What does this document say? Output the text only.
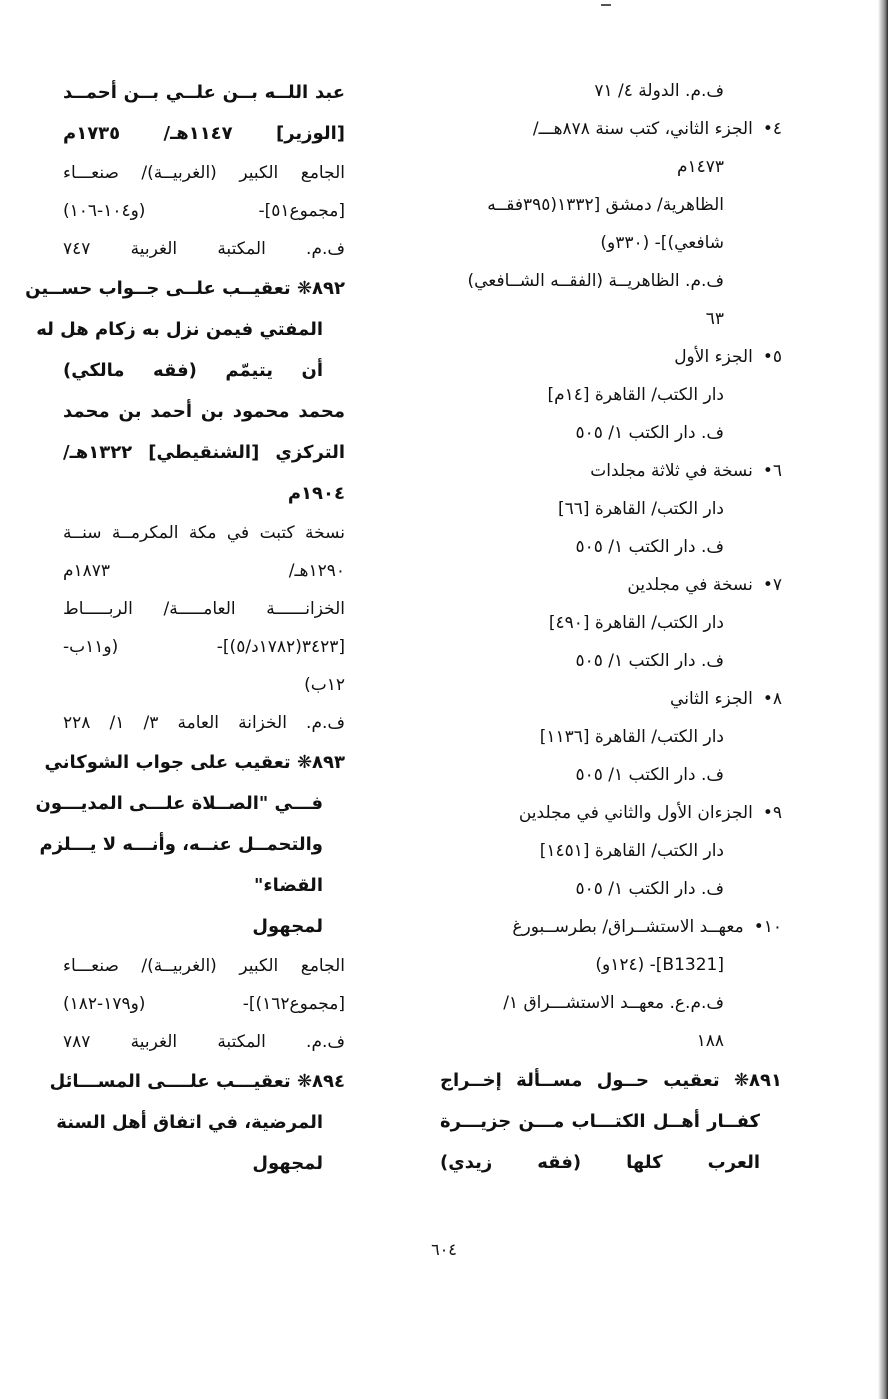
ف.م. الدولة ٤/ ٧١

٤• الجزء الثاني، كتب سنة ٨٧٨هـــ/

١٤٧٣م

الظاهرية/ دمشق [١٣٣٢(٣٩٥فقــه

شافعي)]- (٣٣٠و)

ف.م. الظاهريــة (الفقــه الشــافعي)

٦٣

٥• الجزء الأول

دار الكتب/ القاهرة [١٤م]

ف. دار الكتب ١/ ٥٠٥

٦• نسخة في ثلاثة مجلدات

دار الكتب/ القاهرة [٦٦]

ف. دار الكتب ١/ ٥٠٥

٧• نسخة في مجلدين

دار الكتب/ القاهرة [٤٩٠]

ف. دار الكتب ١/ ٥٠٥

٨• الجزء الثاني

دار الكتب/ القاهرة [١١٣٦]

ف. دار الكتب ١/ ٥٠٥

٩• الجزءان الأول والثاني في مجلدين

دار الكتب/ القاهرة [١٤٥١]

ف. دار الكتب ١/ ٥٠٥

١٠• معهــد الاستشــراق/ بطرســبورغ

[B1321]- (١٢٤و)

ف.م.ع. معهــد الاستشـــراق ١/

١٨٨

٨٩١❋ تعقيب حــول مســألة إخــراج

كفــار أهــل الكتـــاب مـــن جزيـــرة

العرب كلها (فقه زيدي)

عبد اللــه بــن علــي بــن أحمــد

[الوزير] ١١٤٧هـ/ ١٧٣٥م

الجامع الكبير (الغربيــة)/ صنعـــاء

[مجموع٥١]- (و١٠٤-١٠٦)

ف.م. المكتبة الغربية ٧٤٧

٨٩٢❋ تعقيــب علــى جــواب حســين

المفتي فيمن نزل به زكام هل له

أن يتيمّم (فقه مالكي)

محمد محمود بن أحمد بن محمد

التركزي [الشنقيطي] ١٣٢٢هـ/

١٩٠٤م

نسخة كتبت في مكة المكرمــة سنــة

١٢٩٠هـ/ ١٨٧٣م

الخزانــــــة العامـــــة/ الربـــــاط

[٣٤٢٣(١٧٨٢د/٥)]- (و١١ب-

١٢ب)

ف.م. الخزانة العامة ٣/ ١/ ٢٢٨

٨٩٣❋ تعقيب على جواب الشوكاني

فـــي "الصــلاة علـــى المديـــون

والتحمــل عنــه، وأنـــه لا يـــلزم

القضاء"

لمجهول

الجامع الكبير (الغربيــة)/ صنعـــاء

[مجموع١٦٢)]- (و١٧٩-١٨٢)

ف.م. المكتبة الغربية ٧٨٧

٨٩٤❋ تعقيـــب علــــى المســـائل

المرضية، في اتفاق أهل السنة

لمجهول

٦٠٤
